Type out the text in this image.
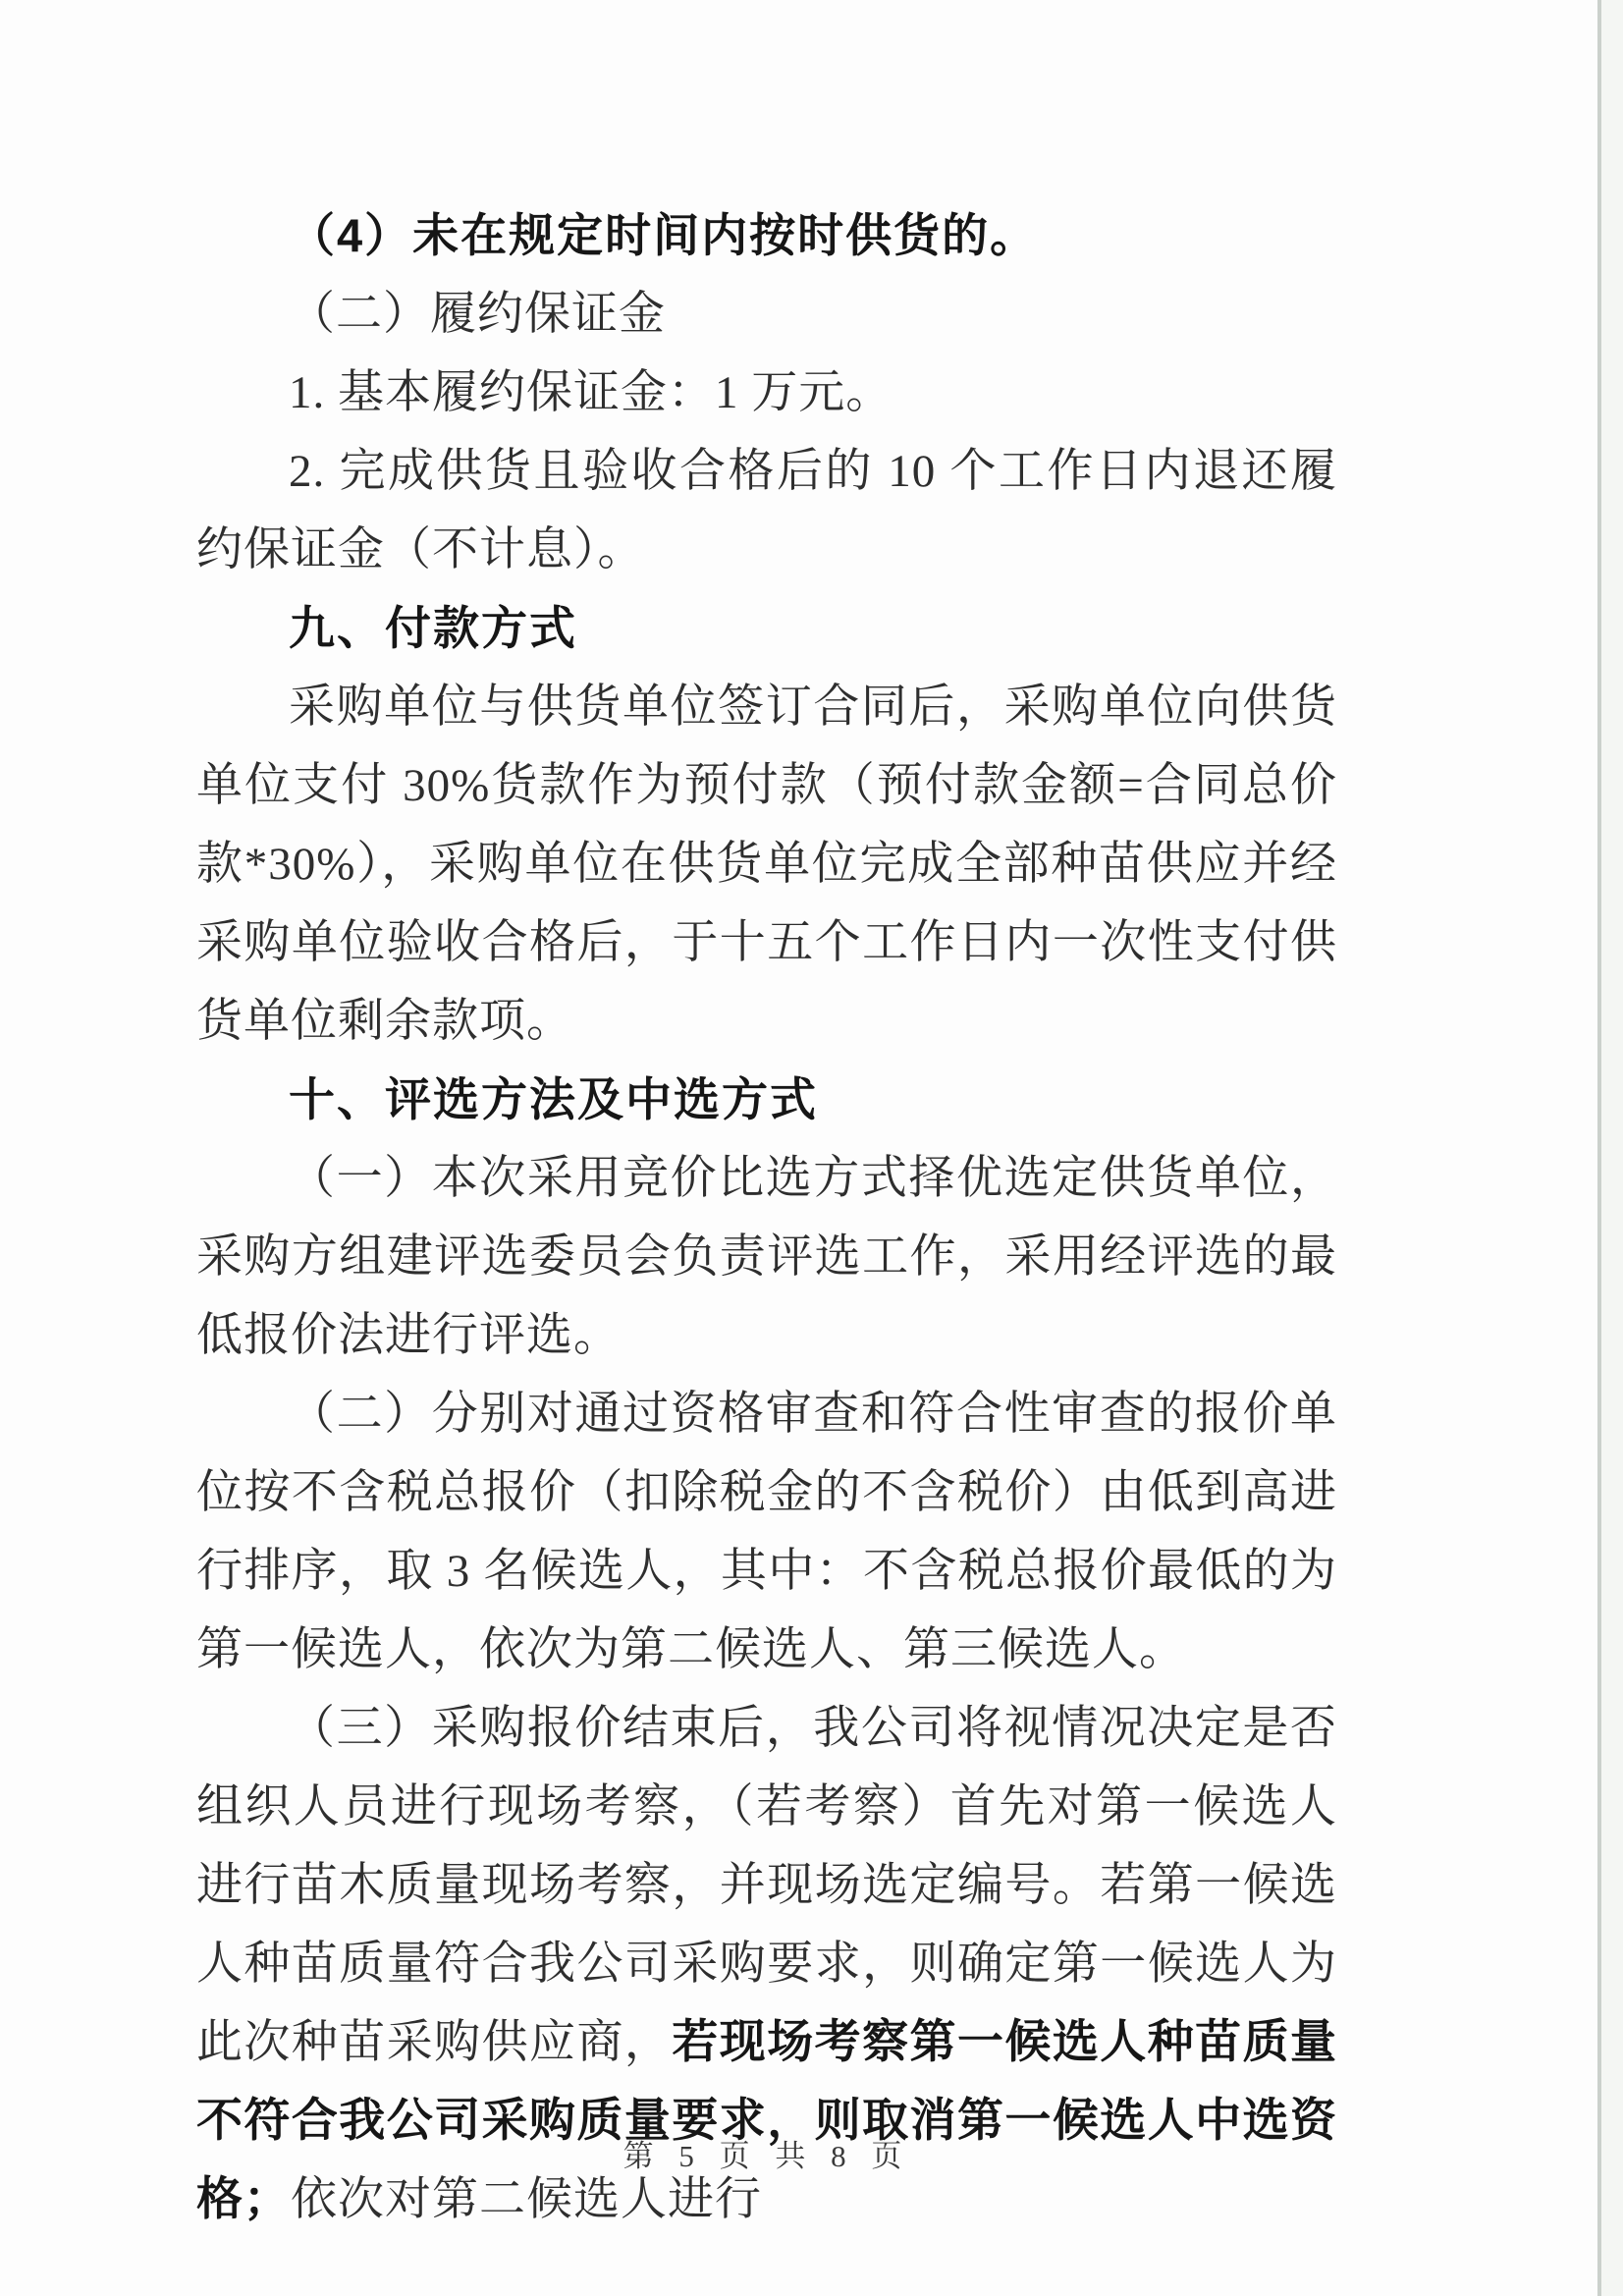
（4）未在规定时间内按时供货的。

（二）履约保证金

1. 基本履约保证金：1 万元。

2. 完成供货且验收合格后的 10 个工作日内退还履约保证金（不计息）。

九、付款方式

采购单位与供货单位签订合同后，采购单位向供货单位支付 30%货款作为预付款（预付款金额=合同总价款*30%），采购单位在供货单位完成全部种苗供应并经采购单位验收合格后，于十五个工作日内一次性支付供货单位剩余款项。

十、评选方法及中选方式

（一）本次采用竞价比选方式择优选定供货单位，采购方组建评选委员会负责评选工作，采用经评选的最低报价法进行评选。

（二）分别对通过资格审查和符合性审查的报价单位按不含税总报价（扣除税金的不含税价）由低到高进行排序，取 3 名候选人，其中：不含税总报价最低的为第一候选人，依次为第二候选人、第三候选人。

（三）采购报价结束后，我公司将视情况决定是否组织人员进行现场考察，（若考察）首先对第一候选人进行苗木质量现场考察，并现场选定编号。若第一候选人种苗质量符合我公司采购要求，则确定第一候选人为此次种苗采购供应商，若现场考察第一候选人种苗质量不符合我公司采购质量要求，则取消第一候选人中选资格；依次对第二候选人进行

第 5 页 共 8 页
